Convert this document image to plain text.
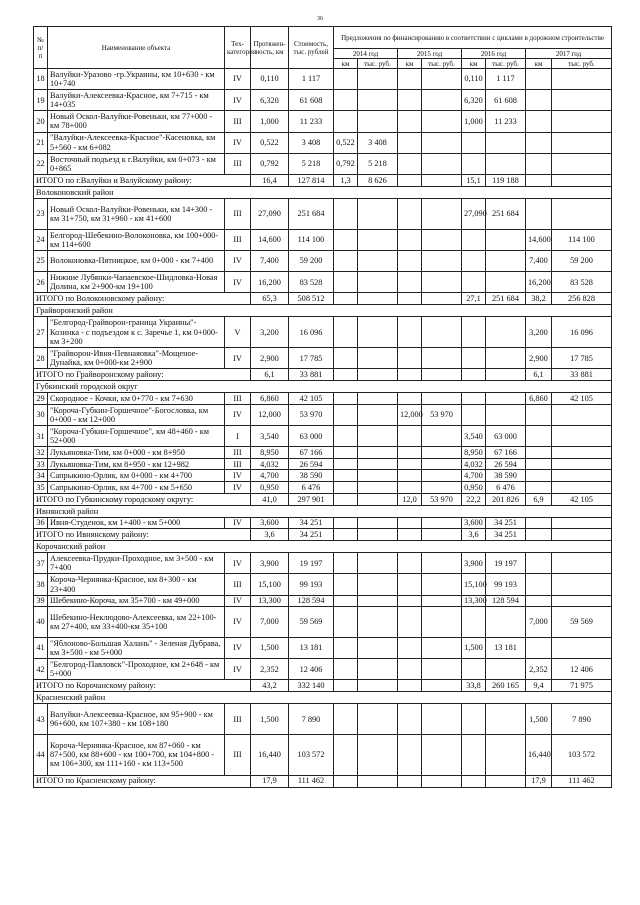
36
№ п/п	Наименование объекта	Тех-категория	Протяжен-ность, км	Стоимость, тыс. рублей	Предложения по финансированию в соответствии с циклами в дорожном строительстве							
					2014 год		2015 год		2016 год		2017 год	
					км	тыс. руб.	км	тыс. руб.	км	тыс. руб.	км	тыс. руб.
18	Валуйки-Уразово -гр.Украины, км 10+630 - км 10+740	IV	0,110	1 117					0,110	1 117		
19	Валуйки-Алексеевка-Красное, км 7+715 - км 14+035	IV	6,320	61 608					6,320	61 608		
20	Новый Оскол-Валуйки-Ровеньки, км 77+000 - км 78+000	III	1,000	11 233					1,000	11 233		
21	"Валуйки-Алексеевка-Красное"-Касеновка, км 5+560 - км 6+082	IV	0,522	3 408	0,522	3 408						
22	Восточный подъезд к г.Валуйки, км 0+073 - км 0+865	III	0,792	5 218	0,792	5 218						
ИТОГО по г.Валуйки и Валуйскому району:			16,4	127 814	1,3	8 626			15,1	119 188		
Волоконовский район												
23	Новый Оскол-Валуйки-Ровеньки, км 14+300 - км 31+750, км 31+960 - км 41+600	III	27,090	251 684					27,090	251 684		
24	Белгород-Шебекино-Волоконовка, км 100+000-км 114+600	III	14,600	114 100							14,600	114 100
25	Волоконовка-Пятницкое, км 0+000 - км 7+400	IV	7,400	59 200							7,400	59 200
26	Нижние Лубянки-Чапаевское-Шидловка-Новая Долина, км 2+900-км 19+100	IV	16,200	83 528							16,200	83 528
ИТОГО по Волоконовскому району:			65,3	508 512					27,1	251 684	38,2	256 828
Грайворонский район												
27	"Белгород-Грайворон-граница Украины"-Козинка - с подъездом к с. Заречье 1, км 0+000-км 3+200	V	3,200	16 096							3,200	16 096
28	"Грайворон-Ивня-Певнаяовка"-Мощеное-Дунайка, км 0+000-км 2+900	IV	2,900	17 785							2,900	17 785
ИТОГО по Грайворонскому району:			6,1	33 881							6,1	33 881
Губкинский городской округ												
29	Скородное - Кочки, км 0+770 - км 7+630	III	6,860	42 105							6,860	42 105
30	"Короча-Губкин-Горшечное"-Богословка, км 0+000 - км 12+000	IV	12,000	53 970			12,000	53 970				
31	"Короча-Губкин-Горшечное", км 48+460 - км 52+000	I	3,540	63 000					3,540	63 000		
32	Лукьяновка-Тим, км 0+000 - км 8+950	III	8,950	67 166					8,950	67 166		
33	Лукьяновка-Тим, км 8+950 - км 12+982	III	4,032	26 594					4,032	26 594		
34	Сапрыкино-Орлик, км 0+000 - км 4+700	IV	4,700	38 590					4,700	38 590		
35	Сапрыкино-Орлик, км 4+700 - км 5+650	IV	0,950	6 476					0,950	6 476		
ИТОГО по Губкинскому городскому округу:			41,0	297 901			12,0	53 970	22,2	201 826	6,9	42 105
Ивнянский район												
36	Ивня-Студенок, км 1+400 - км 5+000	IV	3,600	34 251					3,600	34 251		
ИТОГО по Ивнянскому району:			3,6	34 251					3,6	34 251		
Корочанский район												
37	Алексеевка-Прудки-Проходное, км 3+500 - км 7+400	IV	3,900	19 197					3,900	19 197		
38	Короча-Чернянка-Красное, км 8+300 - км 23+400	III	15,100	99 193					15,100	99 193		
39	Шебекино-Короча, км 35+700 - км 49+000	IV	13,300	128 594					13,300	128 594		
40	Шебекино-Неклюдово-Алексеевка, км 22+100-км 27+400, км 33+400-км 35+100	IV	7,000	59 569							7,000	59 569
41	"Яблоново-Большая Халань" - Зеленая Дубрава, км 3+500 - км 5+000	IV	1,500	13 181					1,500	13 181		
42	"Белгород-Павловск"-Проходное, км 2+648 - км 5+000	IV	2,352	12 406							2,352	12 406
ИТОГО по Корочанскому району:			43,2	332 140					33,8	260 165	9,4	71 975
Красненский район												
43	Валуйки-Алексеевка-Красное, км 95+900 - км 96+600, км 107+380 - км 108+180	III	1,500	7 890							1,500	7 890
44	Короча-Чернянка-Красное, км 87+060 - км 87+500, км 88+600 - км 100+700, км 104+800 - км 106+300, км 111+160 - км 113+500	III	16,440	103 572							16,440	103 572
ИТОГО по Красненскому району:			17,9	111 462							17,9	111 462
